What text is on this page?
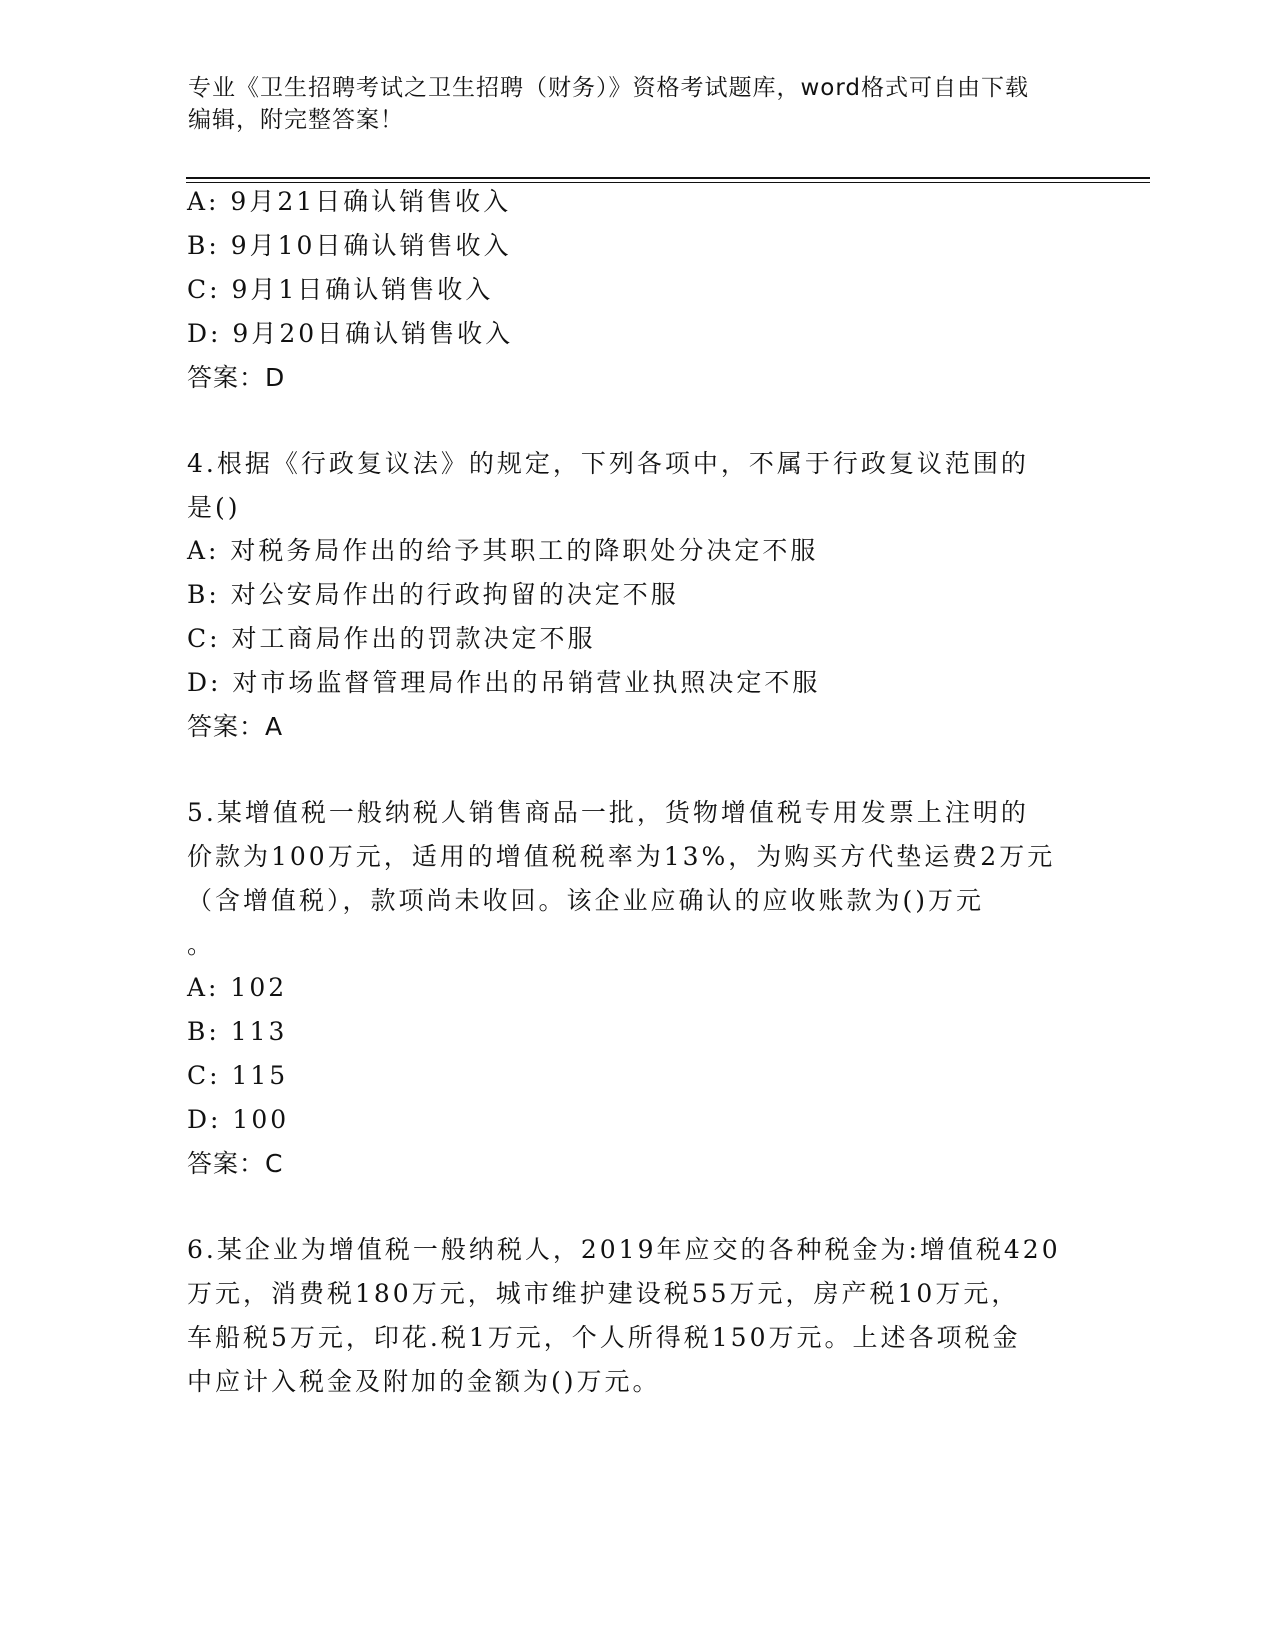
专业《卫生招聘考试之卫生招聘（财务）》资格考试题库，word格式可自由下载
编辑，附完整答案！
A: 9月21日确认销售收入
B: 9月10日确认销售收入
C: 9月1日确认销售收入
D: 9月20日确认销售收入
答案：D
4.根据《行政复议法》的规定，下列各项中，不属于行政复议范围的
是()
A: 对税务局作出的给予其职工的降职处分决定不服
B: 对公安局作出的行政拘留的决定不服
C: 对工商局作出的罚款决定不服
D: 对市场监督管理局作出的吊销营业执照决定不服
答案：A
5.某增值税一般纳税人销售商品一批，货物增值税专用发票上注明的
价款为100万元，适用的增值税税率为13%，为购买方代垫运费2万元
（含增值税），款项尚未收回。该企业应确认的应收账款为()万元
。
A: 102
B: 113
C: 115
D: 100
答案：C
6.某企业为增值税一般纳税人，2019年应交的各种税金为:增值税420
万元，消费税180万元，城市维护建设税55万元，房产税10万元，
车船税5万元，印花.税1万元，个人所得税150万元。上述各项税金
中应计入税金及附加的金额为()万元。
